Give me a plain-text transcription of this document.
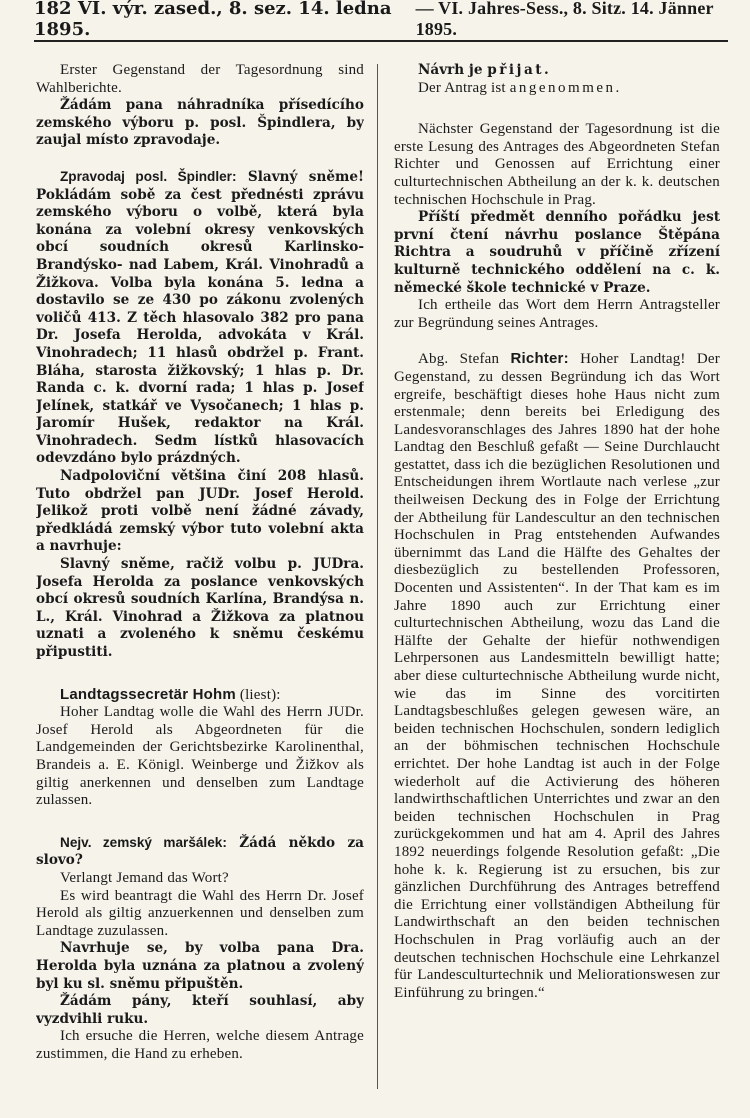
182 VI. výr. zased., 8. sez. 14. ledna 1895.
— VI. Jahres-Sess., 8. Sitz. 14. Jänner 1895.

Erster Gegenstand der Tagesordnung sind Wahlberichte.

Žádám pana náhradníka přísedícího zemského výboru p. posl. Špindlera, by zaujal místo zpravodaje.

Zpravodaj posl. Špindler: Slavný sněme! Pokládám sobě za čest přednésti zprávu zemského výboru o volbě, která byla konána za volební okresy venkovských obcí soudních okresů Karlinsko-Brandýsko- nad Labem, Král. Vinohradů a Žižkova. Volba byla konána 5. ledna a dostavilo se ze 430 po zákonu zvolených voličů 413. Z těch hlasovalo 382 pro pana Dr. Josefa Herolda, advokáta v Král. Vinohradech; 11 hlasů obdržel p. Frant. Bláha, starosta žižkovský; 1 hlas p. Dr. Randa c. k. dvorní rada; 1 hlas p. Josef Jelínek, statkář ve Vysočanech; 1 hlas p. Jaromír Hušek, redaktor na Král. Vinohradech. Sedm lístků hlasovacích odevzdáno bylo prázdných.

Nadpoloviční většina činí 208 hlasů. Tuto obdržel pan JUDr. Josef Herold. Jelikož proti volbě není žádné závady, předkládá zemský výbor tuto volební akta a navrhuje:

Slavný sněme, račiž volbu p. JUDra. Josefa Herolda za poslance venkovských obcí okresů soudních Karlína, Brandýsa n. L., Král. Vinohrad a Žižkova za platnou uznati a zvoleného k sněmu českému připustiti.

Landtagssecretär Hohm (liest):

Hoher Landtag wolle die Wahl des Herrn JUDr. Josef Herold als Abgeordneten für die Landgemeinden der Gerichtsbezirke Karolinenthal, Brandeis a. E. Königl. Weinberge und Žižkov als giltig anerkennen und denselben zum Landtage zulassen.

Nejv. zemský maršálek: Žádá někdo za slovo?

Verlangt Jemand das Wort?

Es wird beantragt die Wahl des Herrn Dr. Josef Herold als giltig anzuerkennen und denselben zum Landtage zuzulassen.

Navrhuje se, by volba pana Dra. Herolda byla uznána za platnou a zvolený byl ku sl. sněmu připuštěn.

Žádám pány, kteří souhlasí, aby vyzdvihli ruku.

Ich ersuche die Herren, welche diesem Antrage zustimmen, die Hand zu erheben.

Návrh je přijat.

Der Antrag ist angenommen.

Nächster Gegenstand der Tagesordnung ist die erste Lesung des Antrages des Abgeordneten Stefan Richter und Genossen auf Errichtung einer culturtechnischen Abtheilung an der k. k. deutschen technischen Hochschule in Prag.

Příští předmět denního pořádku jest první čtení návrhu poslance Štěpána Richtra a soudruhů v příčině zřízení kulturně technického oddělení na c. k. německé škole technické v Praze.

Ich ertheile das Wort dem Herrn Antragsteller zur Begründung seines Antrages.

Abg. Stefan Richter: Hoher Landtag! Der Gegenstand, zu dessen Begründung ich das Wort ergreife, beschäftigt dieses hohe Haus nicht zum erstenmale; denn bereits bei Erledigung des Landesvoranschlages des Jahres 1890 hat der hohe Landtag den Beschluß gefaßt — Seine Durchlaucht gestattet, dass ich die bezüglichen Resolutionen und Entscheidungen ihrem Wortlaute nach verlese „zur theilweisen Deckung des in Folge der Errichtung der Abtheilung für Landescultur an den technischen Hochschulen in Prag entstehenden Aufwandes übernimmt das Land die Hälfte des Gehaltes der diesbezüglich zu bestellenden Professoren, Docenten und Assistenten“. In der That kam es im Jahre 1890 auch zur Errichtung einer culturtechnischen Abtheilung, wozu das Land die Hälfte der Gehalte der hiefür nothwendigen Lehrpersonen aus Landesmitteln bewilligt hatte; aber diese culturtechnische Abtheilung wurde nicht, wie das im Sinne des vorcitirten Landtagsbeschlußes gelegen gewesen wäre, an beiden technischen Hochschulen, sondern lediglich an der böhmischen technischen Hochschule errichtet. Der hohe Landtag ist auch in der Folge wiederholt auf die Activierung des höheren landwirthschaftlichen Unterrichtes und zwar an den beiden technischen Hochschulen in Prag zurückgekommen und hat am 4. April des Jahres 1892 neuerdings folgende Resolution gefaßt: „Die hohe k. k. Regierung ist zu ersuchen, bis zur gänzlichen Durchführung des Antrages betreffend die Errichtung einer vollständigen Abtheilung für Landwirthschaft an den beiden technischen Hochschulen in Prag vorläufig auch an der deutschen technischen Hochschule eine Lehrkanzel für Landesculturtechnik und Meliorationswesen zur Einführung zu bringen.“
